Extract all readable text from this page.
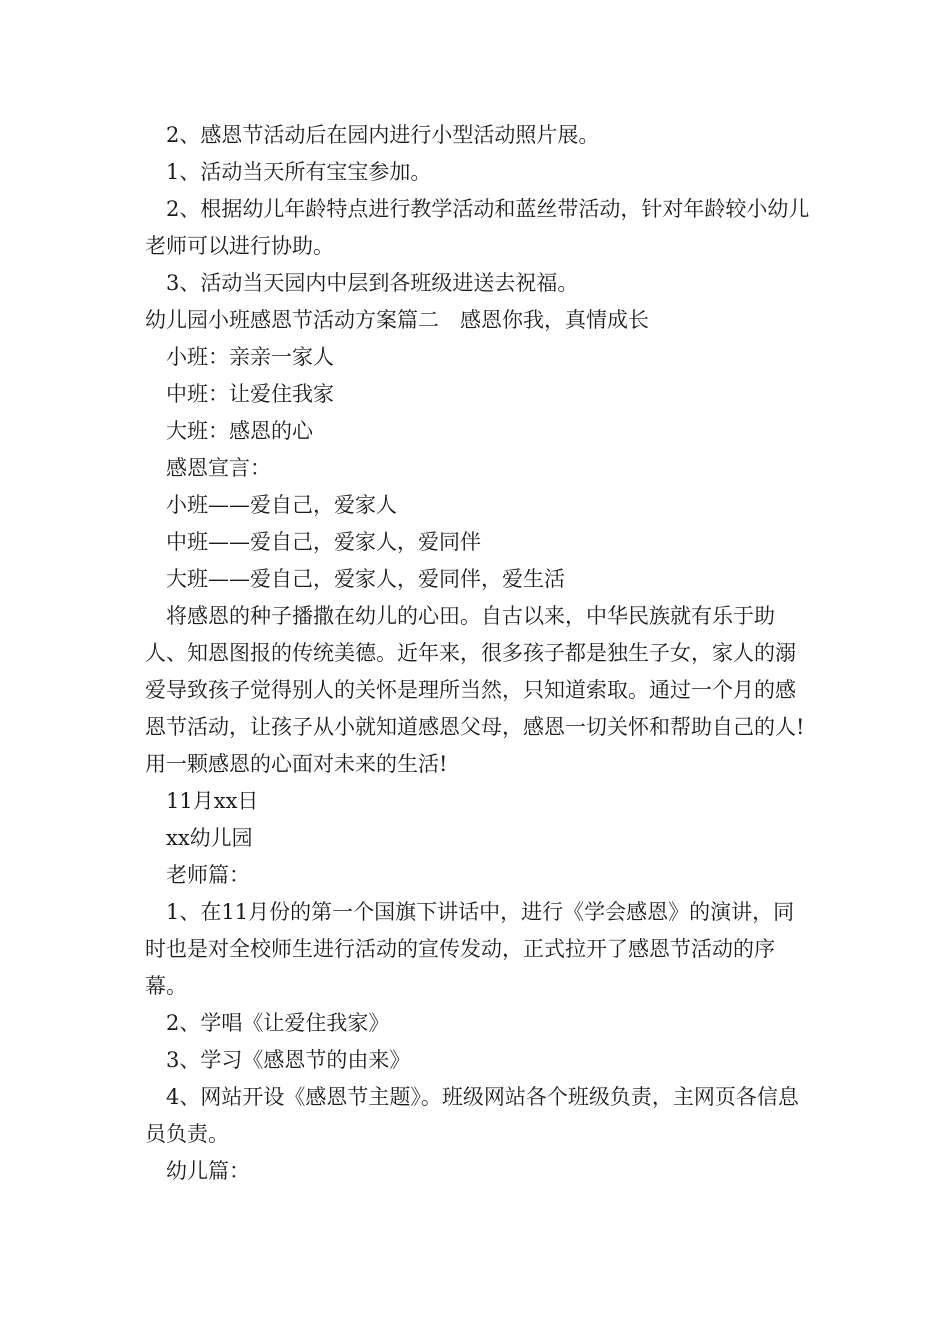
2、感恩节活动后在园内进行小型活动照片展。

1、活动当天所有宝宝参加。

2、根据幼儿年龄特点进行教学活动和蓝丝带活动，针对年龄较小幼儿老师可以进行协助。

3、活动当天园内中层到各班级进送去祝福。

幼儿园小班感恩节活动方案篇二　感恩你我，真情成长

小班：亲亲一家人

中班：让爱住我家

大班：感恩的心

感恩宣言：

小班——爱自己，爱家人

中班——爱自己，爱家人，爱同伴

大班——爱自己，爱家人，爱同伴，爱生活

将感恩的种子播撒在幼儿的心田。自古以来，中华民族就有乐于助人、知恩图报的传统美德。近年来，很多孩子都是独生子女，家人的溺爱导致孩子觉得别人的关怀是理所当然，只知道索取。通过一个月的感恩节活动，让孩子从小就知道感恩父母，感恩一切关怀和帮助自己的人!用一颗感恩的心面对未来的生活!

11月xx日

xx幼儿园

老师篇：

1、在11月份的第一个国旗下讲话中，进行《学会感恩》的演讲，同时也是对全校师生进行活动的宣传发动，正式拉开了感恩节活动的序幕。

2、学唱《让爱住我家》

3、学习《感恩节的由来》

4、网站开设《感恩节主题》。班级网站各个班级负责，主网页各信息员负责。

幼儿篇：
